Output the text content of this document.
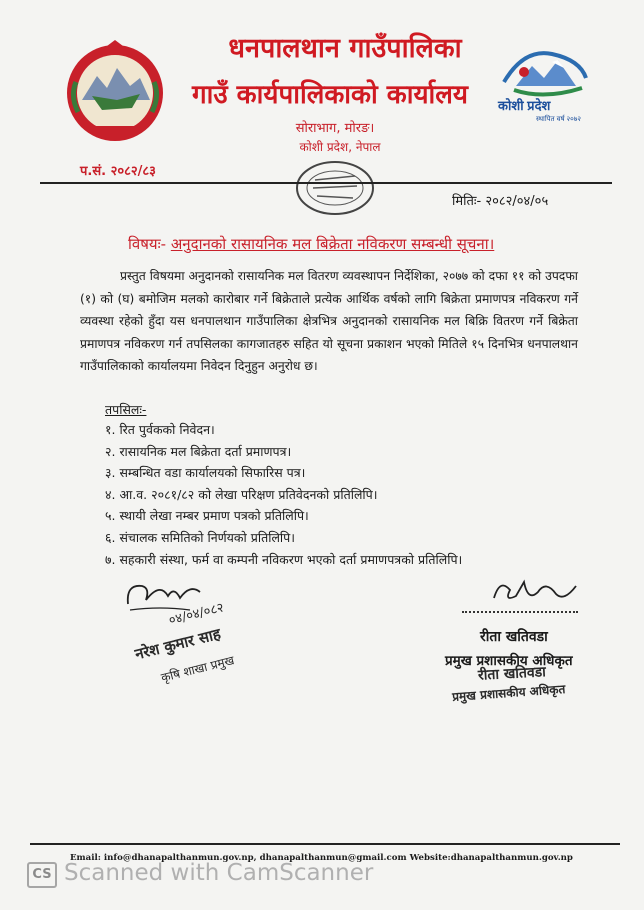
कोशी प्रदेश
स्थापित वर्ष २०७२
धनपालथान गाउँपालिका
गाउँ कार्यपालिकाको कार्यालय
सोराभाग, मोरङ।
कोशी प्रदेश, नेपाल
प.सं. २०८२/८३
मितिः- २०८२/०४/०५
विषयः- अनुदानको रासायनिक मल बिक्रेता नविकरण सम्बन्धी सूचना।
प्रस्तुत विषयमा अनुदानको रासायनिक मल वितरण व्यवस्थापन निर्देशिका, २०७७ को दफा ११ को उपदफा (१) को (घ) बमोजिम मलको कारोबार गर्ने बिक्रेताले प्रत्येक आर्थिक वर्षको लागि बिक्रेता प्रमाणपत्र नविकरण गर्ने व्यवस्था रहेको हुँदा यस धनपालथान गाउँपालिका क्षेत्रभित्र अनुदानको रासायनिक मल बिक्रि वितरण गर्ने बिक्रेता प्रमाणपत्र नविकरण गर्न तपसिलका कागजातहरु सहित यो सूचना प्रकाशन भएको मितिले १५ दिनभित्र धनपालथान गाउँपालिकाको कार्यालयमा निवेदन दिनुहुन अनुरोध छ।
तपसिलः-
१. रित पुर्वकको निवेदन।
२. रासायनिक मल बिक्रेता दर्ता प्रमाणपत्र।
३. सम्बन्धित वडा कार्यालयको सिफारिस पत्र।
४. आ.व. २०८१/८२ को लेखा परिक्षण प्रतिवेदनको प्रतिलिपि।
५. स्थायी लेखा नम्बर प्रमाण पत्रको प्रतिलिपि।
६. संचालक समितिको निर्णयको प्रतिलिपि।
७. सहकारी संस्था, फर्म वा कम्पनी नविकरण भएको दर्ता प्रमाणपत्रको प्रतिलिपि।
०४/०४/०८२
नरेश कुमार साह
कृषि शाखा प्रमुख
रीता खतिवडा
प्रमुख प्रशासकीय अधिकृत
रीता खतिवडा
प्रमुख प्रशासकीय अधिकृत
Email: info@dhanapalthanmun.gov.np, dhanapalthanmun@gmail.com Website:dhanapalthanmun.gov.np
CS Scanned with CamScanner
